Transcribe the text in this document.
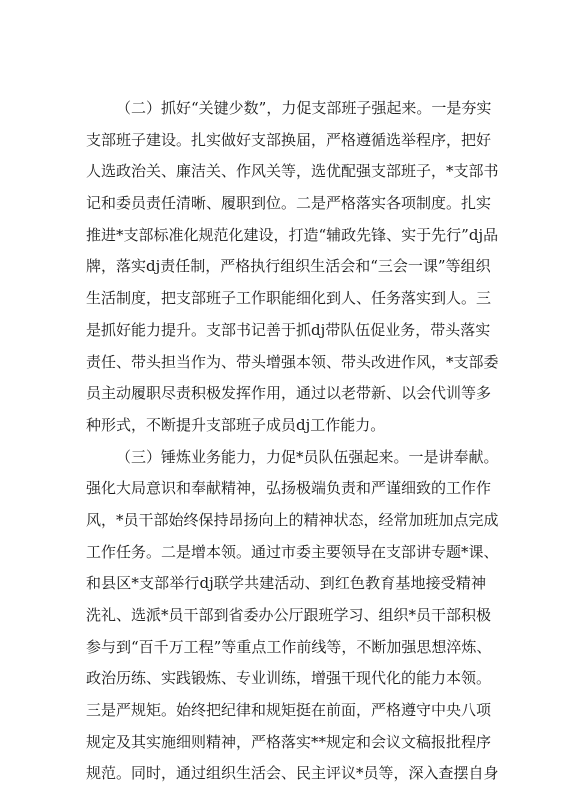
（二）抓好“关键少数”，力促支部班子强起来。一是夯实
支部班子建设。扎实做好支部换届，严格遵循选举程序，把好
人选政治关、廉洁关、作风关等，选优配强支部班子，*支部书
记和委员责任清晰、履职到位。二是严格落实各项制度。扎实
推进*支部标准化规范化建设，打造“辅政先锋、实于先行”dj品
牌，落实dj责任制，严格执行组织生活会和“三会一课”等组织
生活制度，把支部班子工作职能细化到人、任务落实到人。三
是抓好能力提升。支部书记善于抓dj带队伍促业务，带头落实
责任、带头担当作为、带头增强本领、带头改进作风，*支部委
员主动履职尽责积极发挥作用，通过以老带新、以会代训等多
种形式，不断提升支部班子成员dj工作能力。
（三）锤炼业务能力，力促*员队伍强起来。一是讲奉献。
强化大局意识和奉献精神，弘扬极端负责和严谨细致的工作作
风，*员干部始终保持昂扬向上的精神状态，经常加班加点完成
工作任务。二是增本领。通过市委主要领导在支部讲专题*课、
和县区*支部举行dj联学共建活动、到红色教育基地接受精神
洗礼、选派*员干部到省委办公厅跟班学习、组织*员干部积极
参与到“百千万工程”等重点工作前线等，不断加强思想淬炼、
政治历练、实践锻炼、专业训练，增强干现代化的能力本领。
三是严规矩。始终把纪律和规矩挺在前面，严格遵守中央八项
规定及其实施细则精神，严格落实**规定和会议文稿报批程序
规范。同时，通过组织生活会、民主评议*员等，深入查摆自身
